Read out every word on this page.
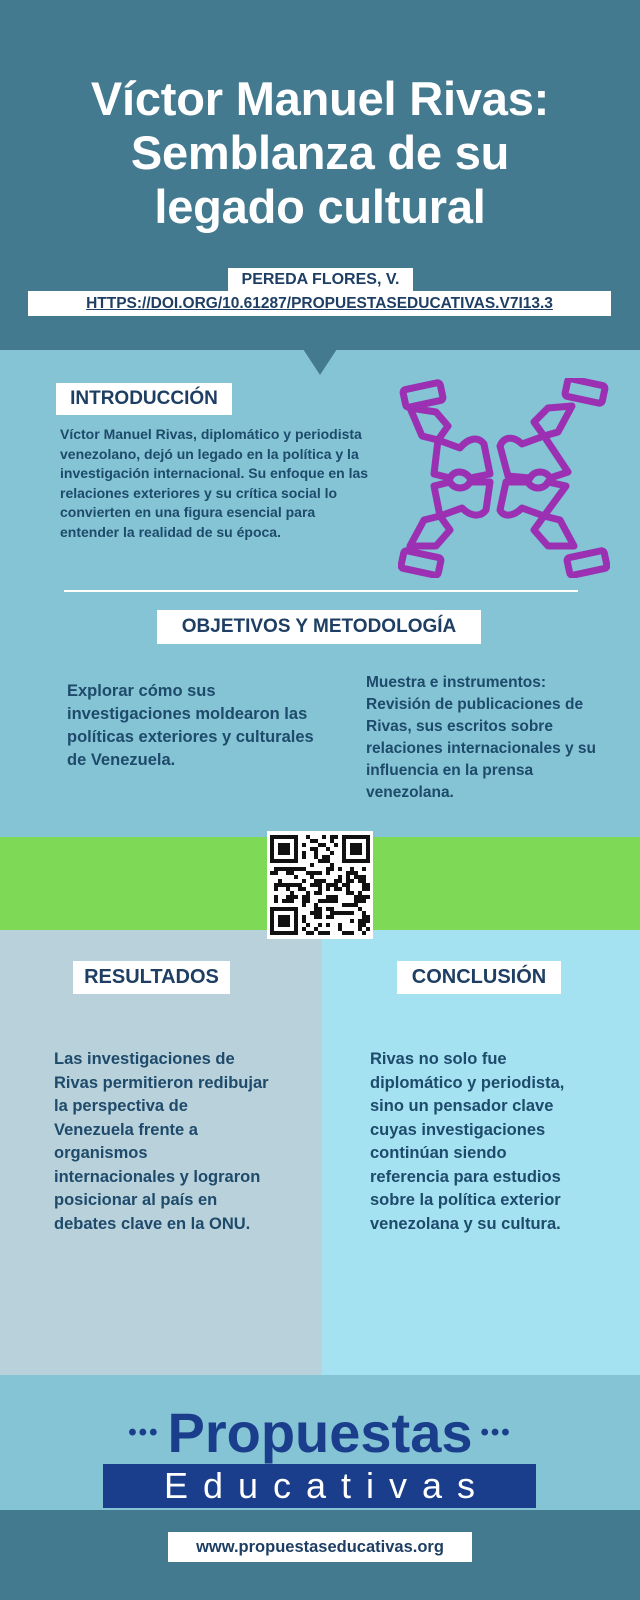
Víctor Manuel Rivas:
Semblanza de su
legado cultural
PEREDA FLORES, V.
HTTPS://DOI.ORG/10.61287/PROPUESTASEDUCATIVAS.V7I13.3
INTRODUCCIÓN

Víctor Manuel Rivas, diplomático y periodista venezolano, dejó un legado en la política y la investigación internacional. Su enfoque en las relaciones exteriores y su crítica social lo convierten en una figura esencial para entender la realidad de su época.

OBJETIVOS Y METODOLOGÍA

Explorar cómo sus investigaciones moldearon las políticas exteriores y culturales de Venezuela.

Muestra e instrumentos: Revisión de publicaciones de Rivas, sus escritos sobre relaciones internacionales y su influencia en la prensa venezolana.

RESULTADOS

Las investigaciones de Rivas permitieron redibujar la perspectiva de Venezuela frente a organismos internacionales y lograron posicionar al país en debates clave en la ONU.

CONCLUSIÓN

Rivas no solo fue diplomático y periodista, sino un pensador clave cuyas investigaciones continúan siendo referencia para estudios sobre la política exterior venezolana y su cultura.

••• Propuestas •••
Educativas
www.propuestaseducativas.org
